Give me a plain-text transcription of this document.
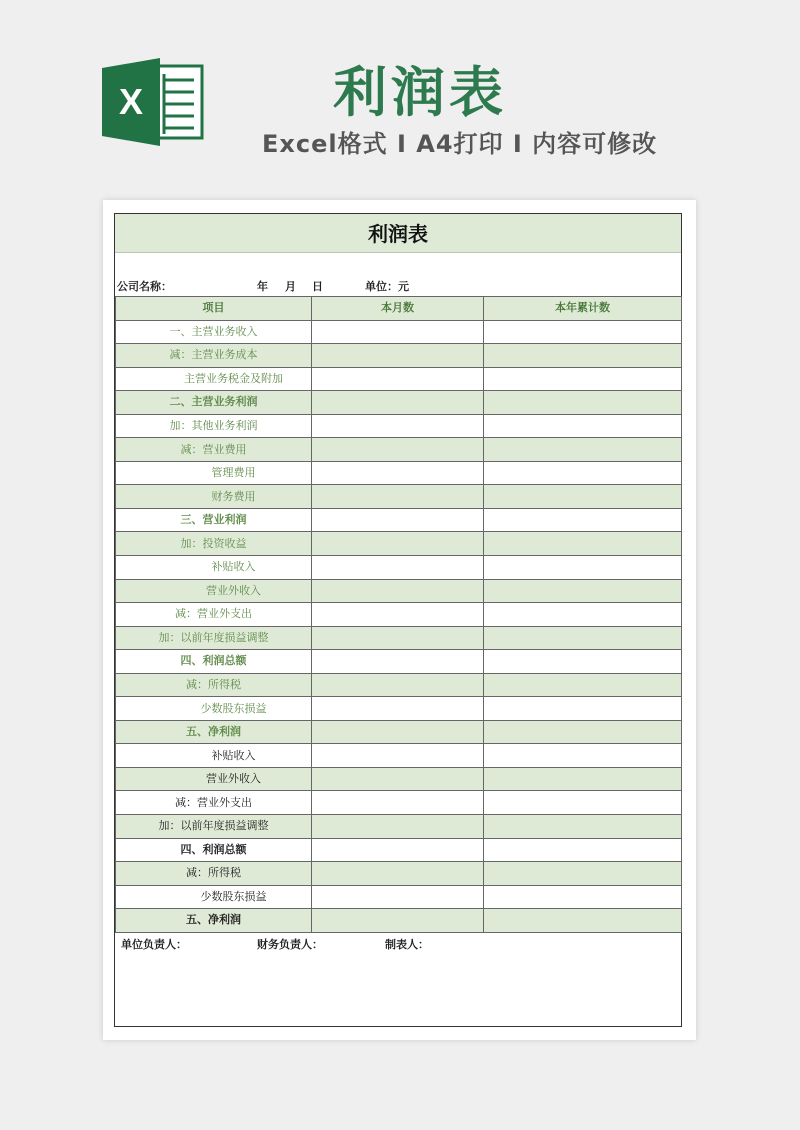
X	利润表
Excel格式 I A4打印 I 内容可修改
利润表
公司名称：	年 月 日	单位：元
项目	本月数	本年累计数
一、主营业务收入		
减：主营业务成本		
主营业务税金及附加		
二、主营业务利润		
加：其他业务利润		
减：营业费用		
管理费用		
财务费用		
三、营业利润		
加：投资收益		
补贴收入		
营业外收入		
减：营业外支出		
加：以前年度损益调整		
四、利润总额		
减：所得税		
少数股东损益		
五、净利润		
补贴收入		
营业外收入		
减：营业外支出		
加：以前年度损益调整		
四、利润总额		
减：所得税		
少数股东损益		
五、净利润		
单位负责人：	财务负责人：	制表人：
